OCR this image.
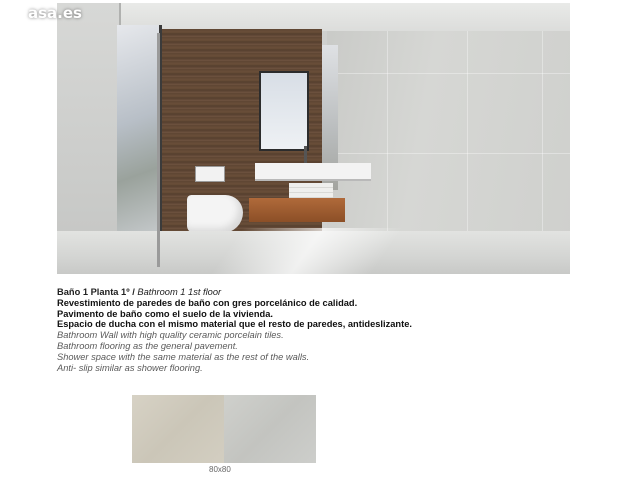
asa.es
Baño 1 Planta 1º / Bathroom 1 1st floor
Revestimiento de paredes de baño con gres porcelánico de calidad.
Pavimento de baño como el suelo de la vivienda.
Espacio de ducha con el mismo material que el resto de paredes, antideslizante.
Bathroom Wall with high quality ceramic porcelain tiles.
Bathroom flooring as the general pavement.
Shower space with the same material as the rest of the walls.
Anti- slip similar as shower flooring.
80x80
